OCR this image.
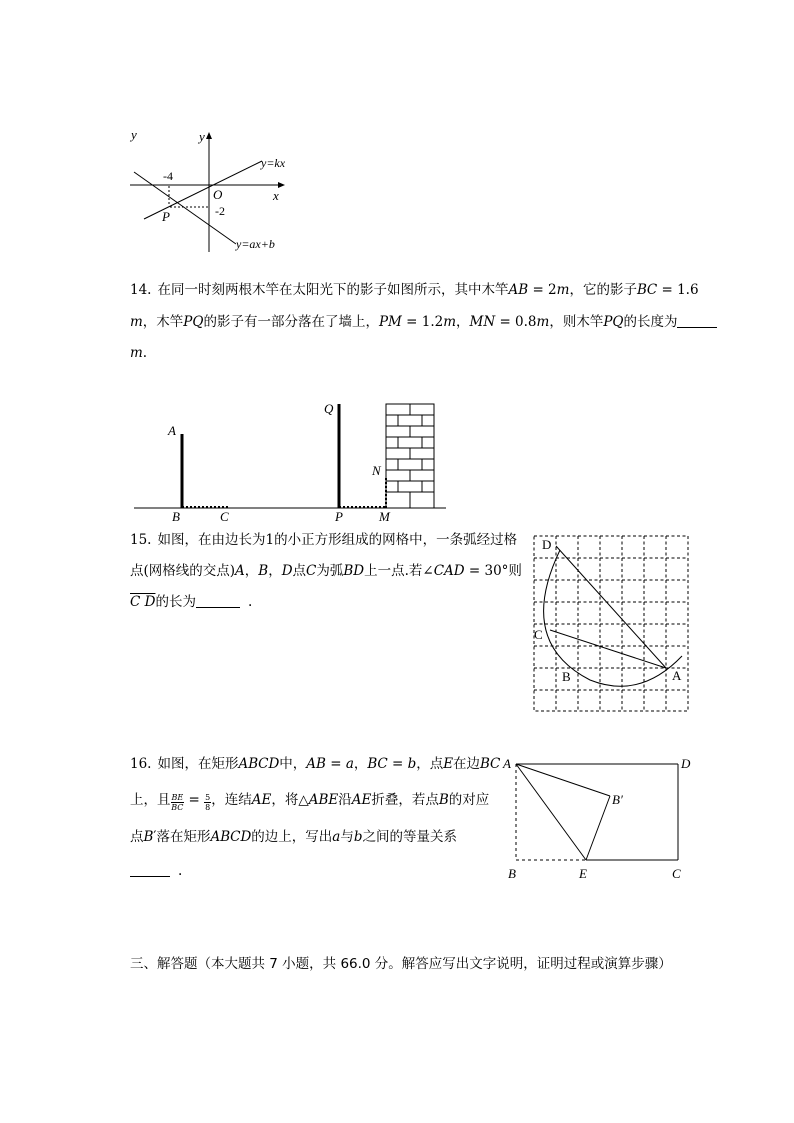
y	y
x
O
-4
-2
P
y=kx
y=ax+b
14. 在同一时刻两根木竿在太阳光下的影子如图所示，其中木竿𝐴𝐵 = 2𝑚，它的影子𝐵𝐶 = 1.6
𝑚，木竿𝑃𝑄的影子有一部分落在了墙上，𝑃𝑀 = 1.2𝑚，𝑀𝑁 = 0.8𝑚，则木竿𝑃𝑄的长度为
𝑚.
A
B	C
Q
N
P	M
15. 如图，在由边长为1的小正方形组成的网格中，一条弧经过格
点(网格线的交点)𝐴，𝐵，𝐷点𝐶为弧𝐵𝐷上一点.若∠𝐶𝐴𝐷 = 30°则
𝐶 𝐷的长为	.
D
C
B	A
16. 如图，在矩形𝐴𝐵𝐶𝐷中，𝐴𝐵 = 𝑎，𝐵𝐶 = 𝑏，点𝐸在边𝐵𝐶
上，且 $\frac{BE}{BC} = \frac{5}{8}$ ，连结𝐴𝐸，将△𝐴𝐵𝐸沿𝐴𝐸折叠，若点𝐵的对应
点𝐵′落在矩形𝐴𝐵𝐶𝐷的边上，写出𝑎与𝑏之间的等量关系
.
A	D
B′
B	E	C
三、解答题（本大题共 7 小题，共 66.0 分。解答应写出文字说明，证明过程或演算步骤）
